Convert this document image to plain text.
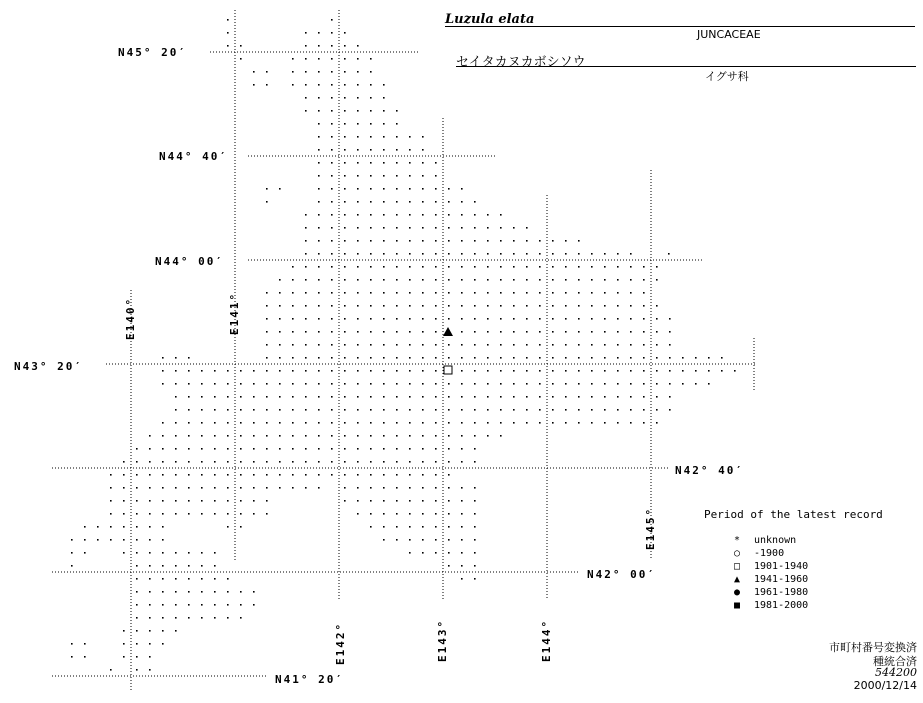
Luzula elata
JUNCACEAE
セイタカヌカボシソウ
イグサ科
N45° 20′
N44° 40′
N44° 00′
N43° 20′
N42° 40′
N42° 00′
N41° 20′
E140°	E141°
E142°	E143°	E144°
E145°	Period of the latest record
*	unknown
○	-1900
□	1901-1940
▲	1941-1960
●	1961-1980
■	1981-2000
市町村番号変換済
種統合済
544200
2000/12/14
